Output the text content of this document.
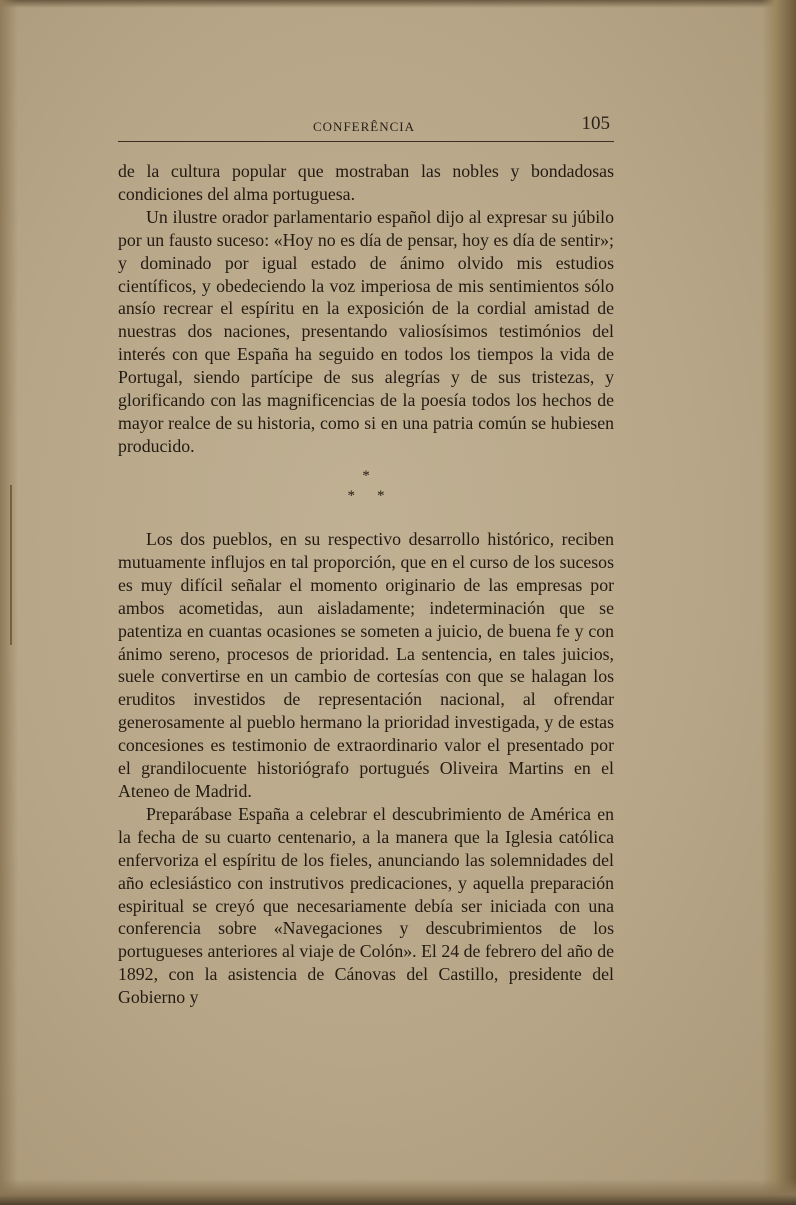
CONFERÊNCIA	105

de la cultura popular que mostraban las nobles y bondadosas condiciones del alma portuguesa.

Un ilustre orador parlamentario español dijo al expresar su júbilo por un fausto suceso: «Hoy no es día de pensar, hoy es día de sentir»; y dominado por igual estado de ánimo olvido mis estudios científicos, y obedeciendo la voz imperiosa de mis sentimientos sólo ansío recrear el espíritu en la exposición de la cordial amistad de nuestras dos naciones, presentando valiosísimos testimónios del interés con que España ha seguido en todos los tiempos la vida de Portugal, siendo partícipe de sus alegrías y de sus tristezas, y glorificando con las magnificencias de la poesía todos los hechos de mayor realce de su historia, como si en una patria común se hubiesen producido.

*
* *

Los dos pueblos, en su respectivo desarrollo histórico, reciben mutuamente influjos en tal proporción, que en el curso de los sucesos es muy difícil señalar el momento originario de las empresas por ambos acometidas, aun aisladamente; indeterminación que se patentiza en cuantas ocasiones se someten a juicio, de buena fe y con ánimo sereno, procesos de prioridad. La sentencia, en tales juicios, suele convertirse en un cambio de cortesías con que se halagan los eruditos investidos de representación nacional, al ofrendar generosamente al pueblo hermano la prioridad investigada, y de estas concesiones es testimonio de extraordinario valor el presentado por el grandilocuente historiógrafo portugués Oliveira Martins en el Ateneo de Madrid.

Preparábase España a celebrar el descubrimiento de América en la fecha de su cuarto centenario, a la manera que la Iglesia católica enfervoriza el espíritu de los fieles, anunciando las solemnidades del año eclesiástico con instrutivos predicaciones, y aquella preparación espiritual se creyó que necesariamente debía ser iniciada con una conferencia sobre «Navegaciones y descubrimientos de los portugueses anteriores al viaje de Colón». El 24 de febrero del año de 1892, con la asistencia de Cánovas del Castillo, presidente del Gobierno y
